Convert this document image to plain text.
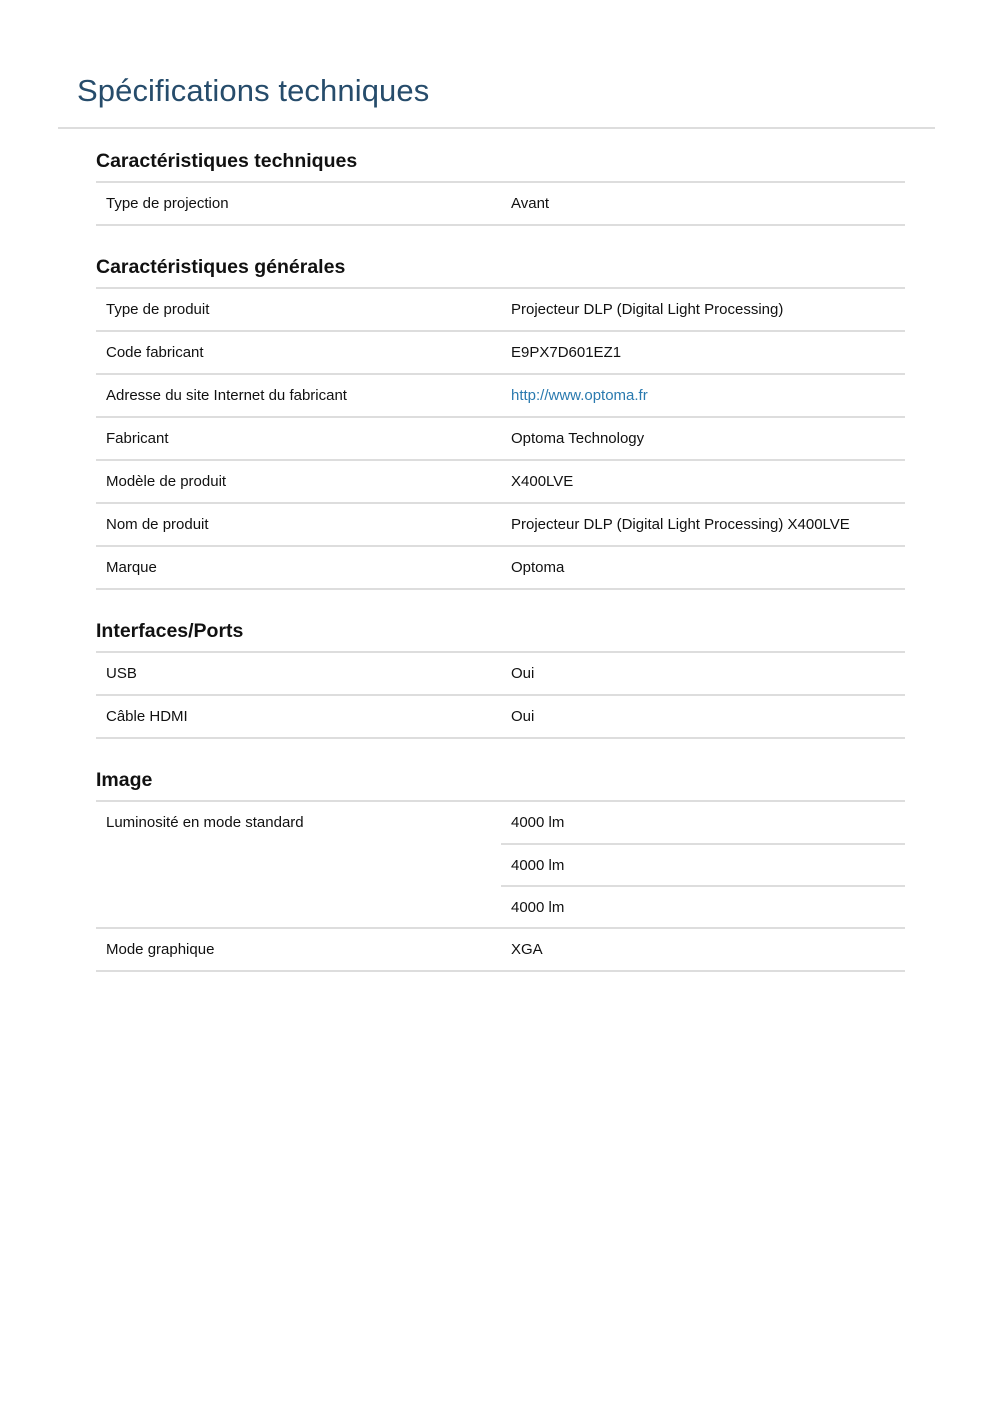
Spécifications techniques
Caractéristiques techniques
Type de projection	Avant
Caractéristiques générales
Type de produit	Projecteur DLP (Digital Light Processing)
Code fabricant	E9PX7D601EZ1
Adresse du site Internet du fabricant	http://www.optoma.fr
Fabricant	Optoma Technology
Modèle de produit	X400LVE
Nom de produit	Projecteur DLP (Digital Light Processing) X400LVE
Marque	Optoma
Interfaces/Ports
USB	Oui
Câble HDMI	Oui
Image
Luminosité en mode standard	4000 lm
4000 lm
4000 lm
Mode graphique	XGA
